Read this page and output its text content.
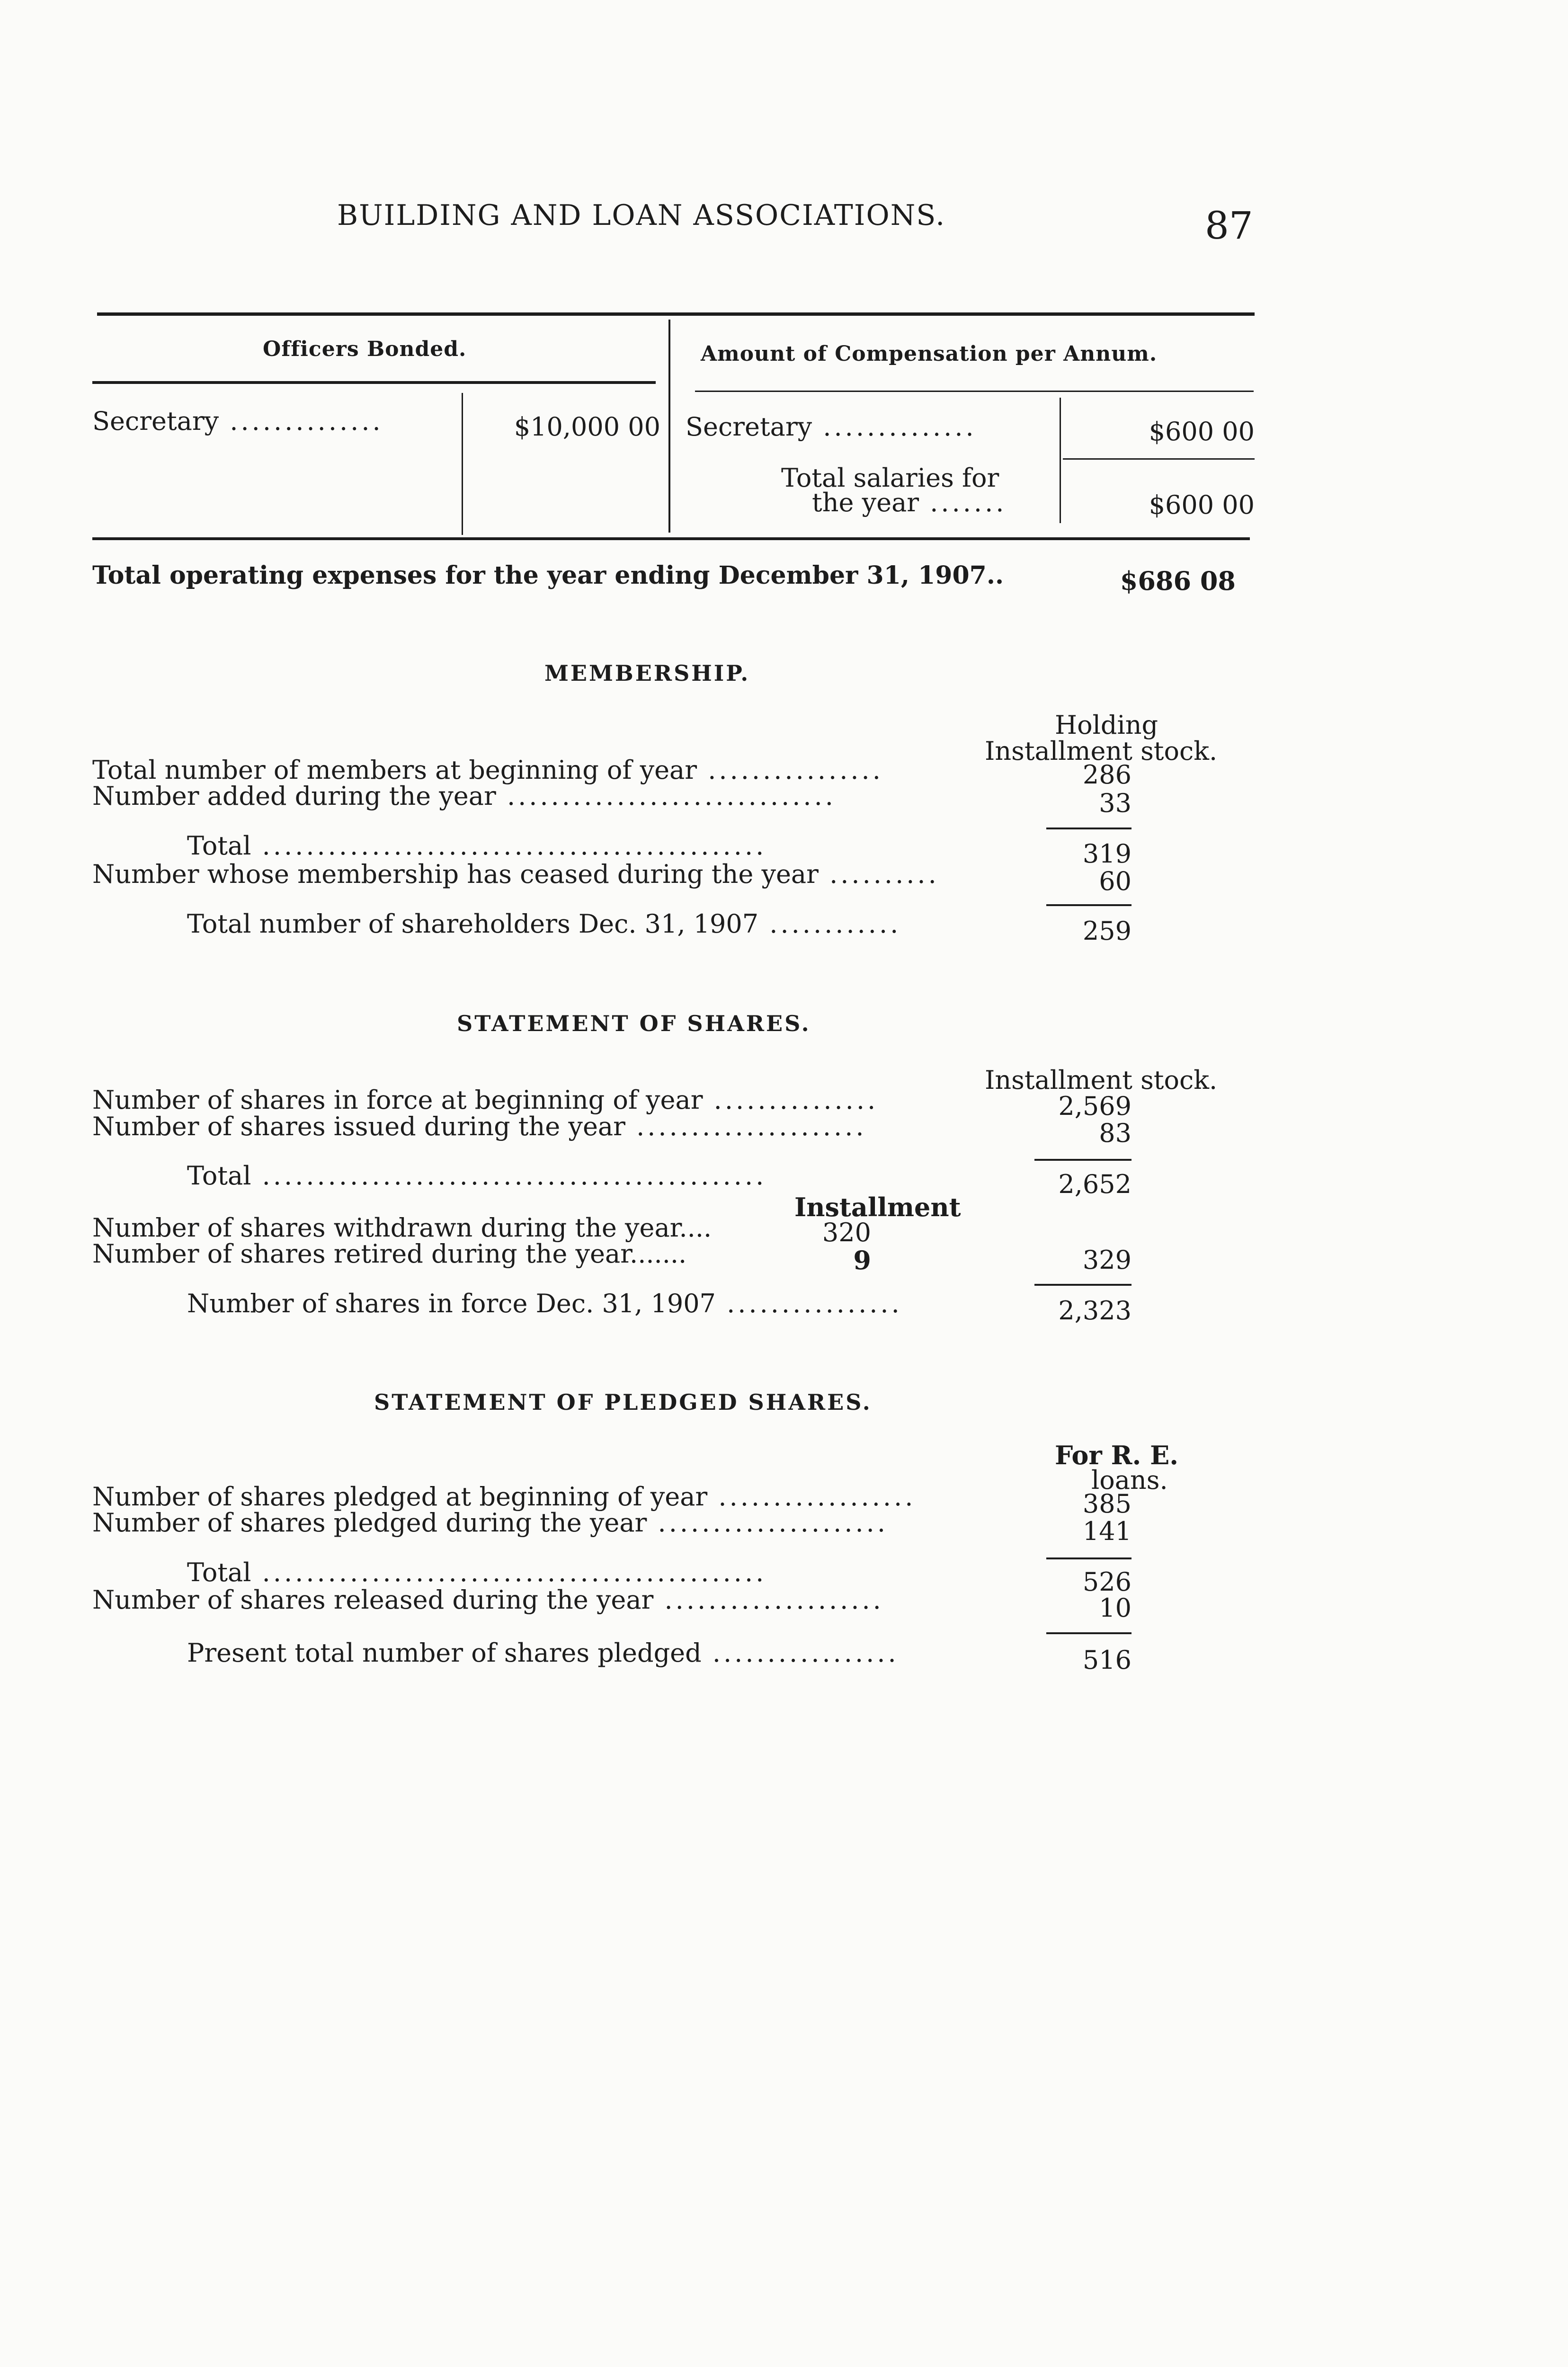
BUILDING AND LOAN ASSOCIATIONS.	87
Officers Bonded.	Amount of Compensation per Annum.
Secretary ..............	$10,000 00 Secretary ..............	$600 00
Total salaries for
the year .......	$600 00
Total operating expenses for the year ending December 31, 1907..	$686 08
MEMBERSHIP.
Holding
Installment stock.
Total number of members at beginning of year ................	286
Number added during the year ..............................	33
Total ..............................................	319
Number whose membership has ceased during the year ..........	60
Total number of shareholders Dec. 31, 1907 ............	259
STATEMENT OF SHARES.
Installment stock.
Number of shares in force at beginning of year ...............	2,569
Number of shares issued during the year .....................	83
Total ..............................................	2,652
Installment
Number of shares withdrawn during the year....	320
Number of shares retired during the year.......	9	329
Number of shares in force Dec. 31, 1907 ................	2,323
STATEMENT OF PLEDGED SHARES.
For R. E.
loans.
Number of shares pledged at beginning of year ..................	385
Number of shares pledged during the year .....................	141
Total ..............................................	526
Number of shares released during the year ....................	10
Present total number of shares pledged .................	516
